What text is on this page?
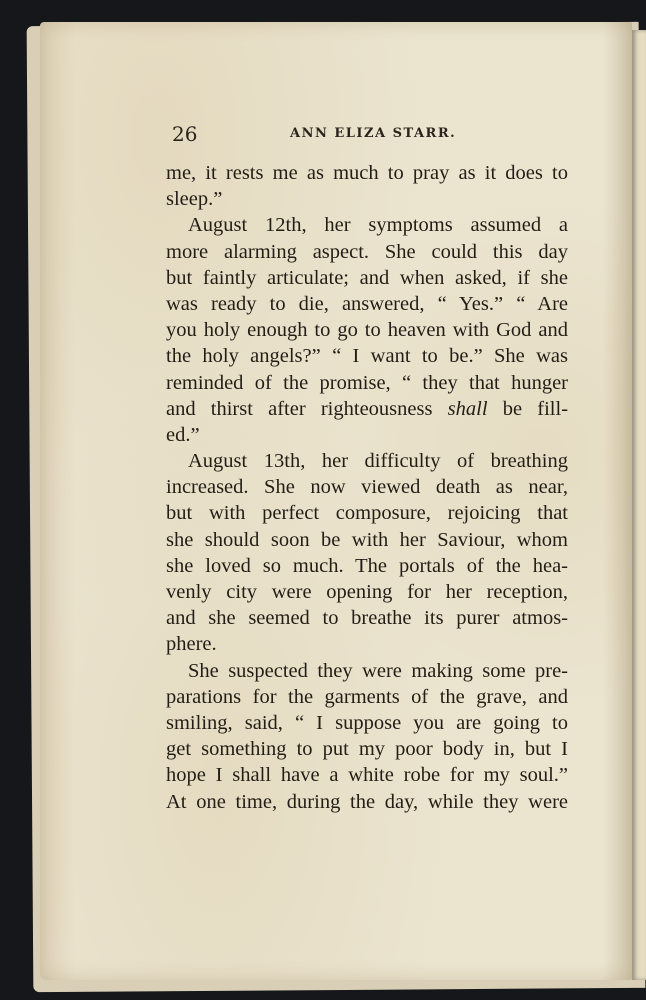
26	ANN ELIZA STARR.
me, it rests me as much to pray as it does to
sleep.”
August 12th, her symptoms assumed a
more alarming aspect. She could this day
but faintly articulate; and when asked, if she
was ready to die, answered, “ Yes.” “ Are
you holy enough to go to heaven with God and
the holy angels?” “ I want to be.” She was
reminded of the promise, “ they that hunger
and thirst after righteousness shall be fill-
ed.”
August 13th, her difficulty of breathing
increased. She now viewed death as near,
but with perfect composure, rejoicing that
she should soon be with her Saviour, whom
she loved so much. The portals of the hea-
venly city were opening for her reception,
and she seemed to breathe its purer atmos-
phere.
She suspected they were making some pre-
parations for the garments of the grave, and
smiling, said, “ I suppose you are going to
get something to put my poor body in, but I
hope I shall have a white robe for my soul.”
At one time, during the day, while they were
